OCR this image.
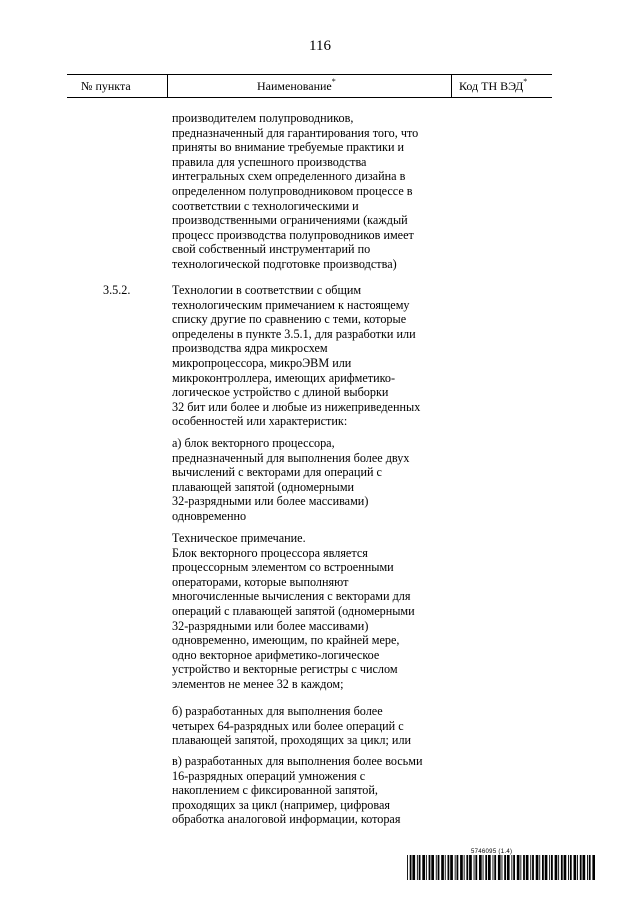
116
№ пункта	Наименование*	Код ТН ВЭД*

производителем полупроводников,
предназначенный для гарантирования того, что
приняты во внимание требуемые практики и
правила для успешного производства
интегральных схем определенного дизайна в
определенном полупроводниковом процессе в
соответствии с технологическими и
производственными ограничениями (каждый
процесс производства полупроводников имеет
свой собственный инструментарий по
технологической подготовке производства)

3.5.2.	Технологии в соответствии с общим
технологическим примечанием к настоящему
списку другие по сравнению с теми, которые
определены в пункте 3.5.1, для разработки или
производства ядра микросхем
микропроцессора, микроЭВМ или
микроконтроллера, имеющих арифметико-
логическое устройство с длиной выборки
32 бит или более и любые из нижеприведенных
особенностей или характеристик:

а) блок векторного процессора,
предназначенный для выполнения более двух
вычислений с векторами для операций с
плавающей запятой (одномерными
32-разрядными или более массивами)
одновременно

Техническое примечание.
Блок векторного процессора является
процессорным элементом со встроенными
операторами, которые выполняют
многочисленные вычисления с векторами для
операций с плавающей запятой (одномерными
32-разрядными или более массивами)
одновременно, имеющим, по крайней мере,
одно векторное арифметико-логическое
устройство и векторные регистры с числом
элементов не менее 32 в каждом;

б) разработанных для выполнения более
четырех 64-разрядных или более операций с
плавающей запятой, проходящих за цикл; или

в) разработанных для выполнения более восьми
16-разрядных операций умножения с
накоплением с фиксированной запятой,
проходящих за цикл (например, цифровая
обработка аналоговой информации, которая

5746095 (1.4)
